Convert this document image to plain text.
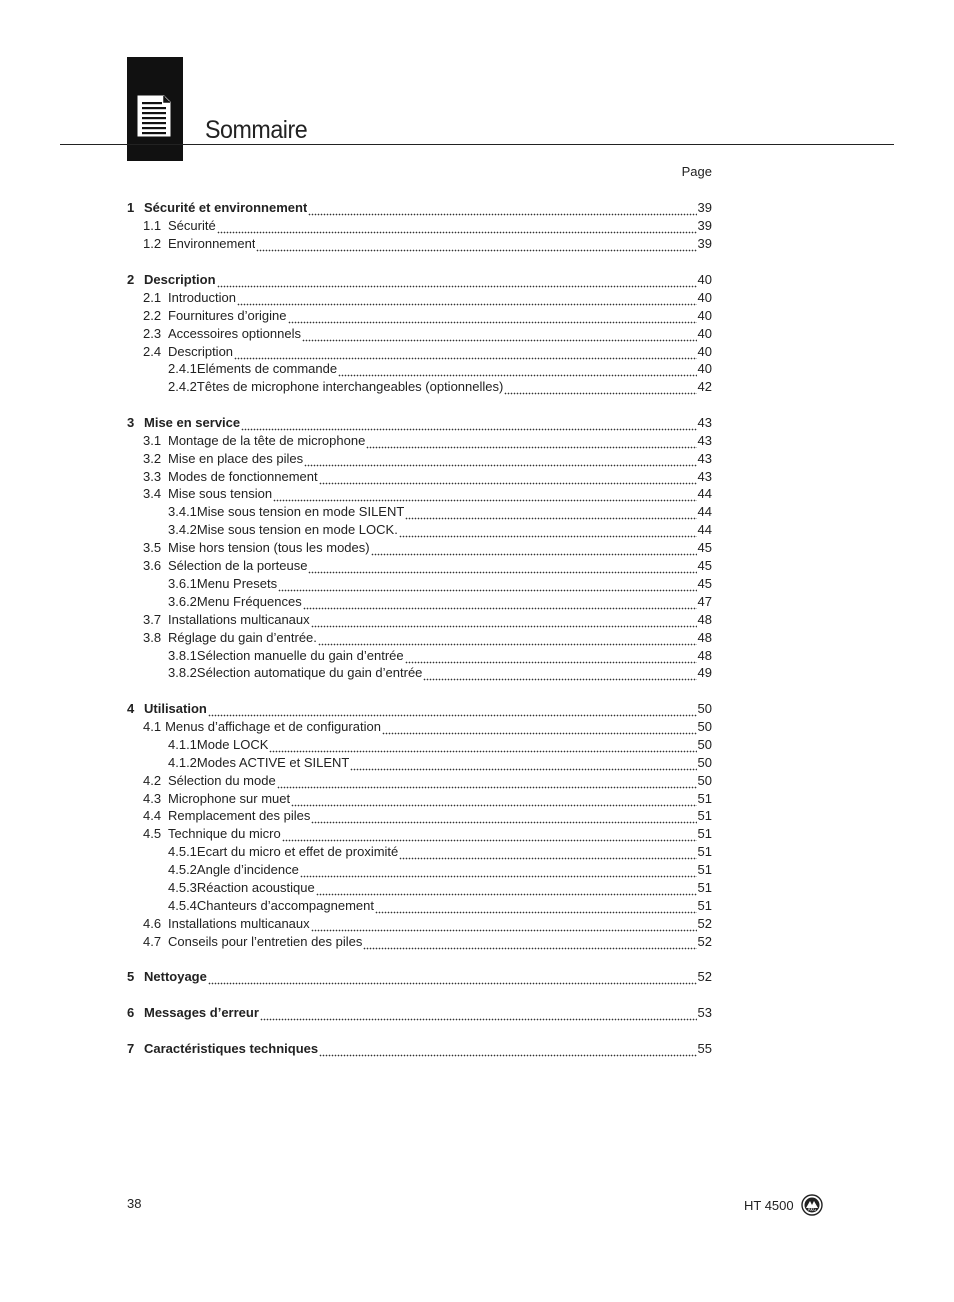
Sommaire
Page
1 Sécurité et environnement	39
1.1 Sécurité	39
1.2 Environnement	39
2 Description	40
2.1 Introduction	40
2.2 Fournitures d’origine	40
2.3 Accessoires optionnels	40
2.4 Description	40
2.4.1 Eléments de commande	40
2.4.2 Têtes de microphone interchangeables (optionnelles)	42
3 Mise en service	43
3.1 Montage de la tête de microphone	43
3.2 Mise en place des piles	43
3.3 Modes de fonctionnement	43
3.4 Mise sous tension	44
3.4.1 Mise sous tension en mode SILENT	44
3.4.2 Mise sous tension en mode LOCK.	44
3.5 Mise hors tension (tous les modes)	45
3.6 Sélection de la porteuse	45
3.6.1 Menu Presets	45
3.6.2 Menu Fréquences	47
3.7 Installations multicanaux	48
3.8 Réglage du gain d’entrée.	48
3.8.1 Sélection manuelle du gain d’entrée	48
3.8.2 Sélection automatique du gain d’entrée	49
4 Utilisation	50
4.1 Menus d’affichage et de configuration	50
4.1.1 Mode LOCK	50
4.1.2 Modes ACTIVE et SILENT	50
4.2 Sélection du mode	50
4.3 Microphone sur muet	51
4.4 Remplacement des piles	51
4.5 Technique du micro	51
4.5.1 Ecart du micro et effet de proximité	51
4.5.2 Angle d’incidence	51
4.5.3 Réaction acoustique	51
4.5.4 Chanteurs d’accompagnement	51
4.6 Installations multicanaux	52
4.7 Conseils pour l’entretien des piles	52
5 Nettoyage	52
6 Messages d’erreur	53
7 Caractéristiques techniques	55
38	HT 4500	AKG
